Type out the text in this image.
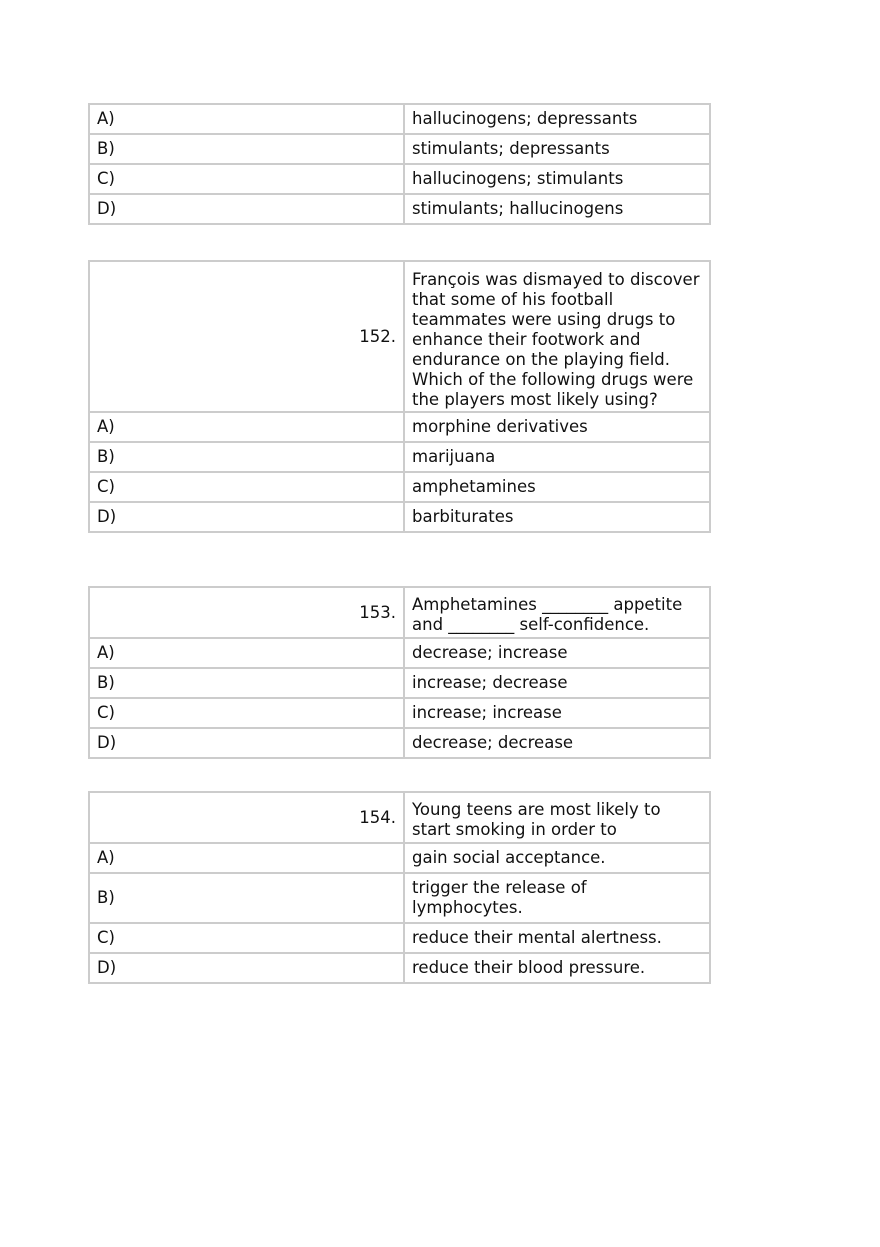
A)	hallucinogens; depressants
B)	stimulants; depressants
C)	hallucinogens; stimulants
D)	stimulants; hallucinogens
152.	François was dismayed to discover that some of his football teammates were using drugs to enhance their footwork and endurance on the playing field. Which of the following drugs were the players most likely using?
A)	morphine derivatives
B)	marijuana
C)	amphetamines
D)	barbiturates
153.	Amphetamines ________ appetite and ________ self-confidence.
A)	decrease; increase
B)	increase; decrease
C)	increase; increase
D)	decrease; decrease
154.	Young teens are most likely to start smoking in order to
A)	gain social acceptance.
B)	trigger the release of lymphocytes.
C)	reduce their mental alertness.
D)	reduce their blood pressure.
